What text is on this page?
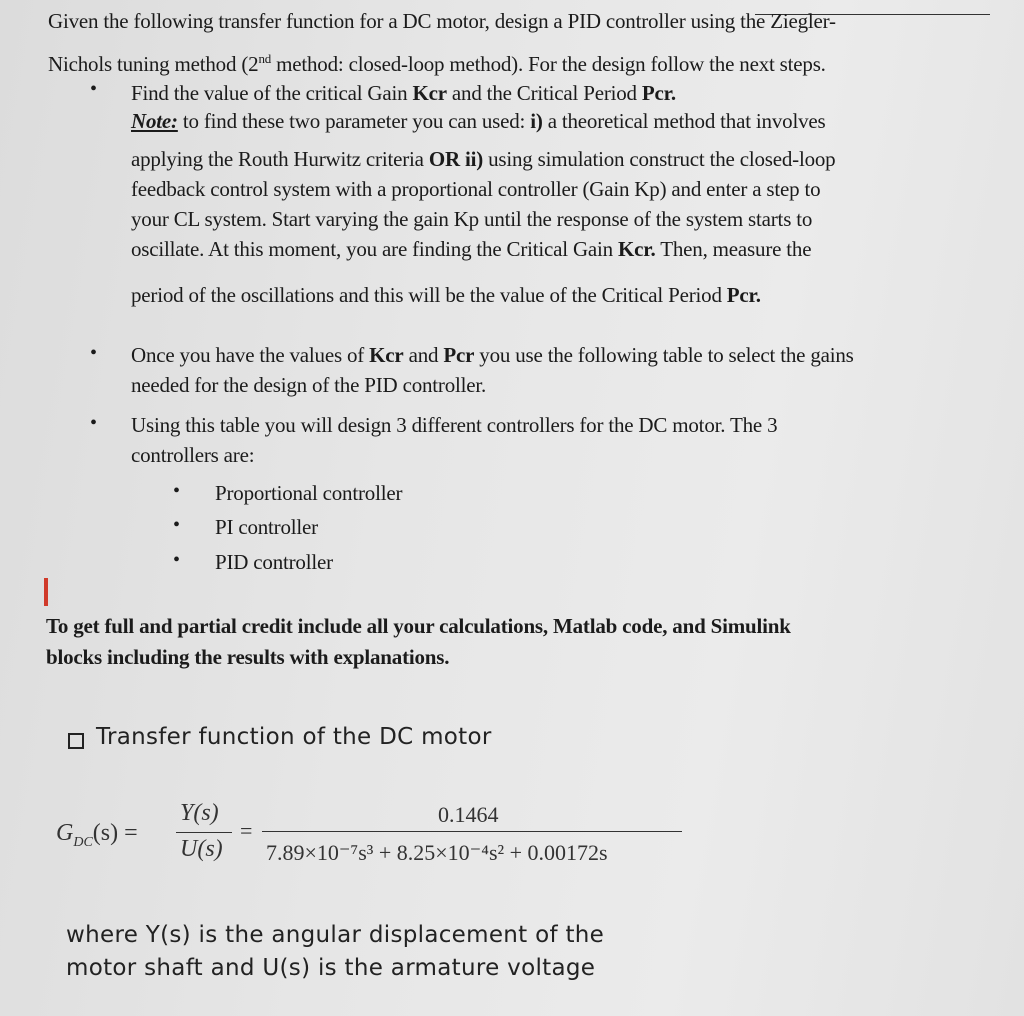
Given the following transfer function for a DC motor, design a PID controller using the Ziegler-
Nichols tuning method (2nd method: closed-loop method). For the design follow the next steps.
• Find the value of the critical Gain Kcr and the Critical Period Pcr.
Note: to find these two parameter you can used: i) a theoretical method that involves
applying the Routh Hurwitz criteria OR ii) using simulation construct the closed-loop
feedback control system with a proportional controller (Gain Kp) and enter a step to
your CL system. Start varying the gain Kp until the response of the system starts to
oscillate. At this moment, you are finding the Critical Gain Kcr. Then, measure the
period of the oscillations and this will be the value of the Critical Period Pcr.
• Once you have the values of Kcr and Pcr you use the following table to select the gains
needed for the design of the PID controller.
• Using this table you will design 3 different controllers for the DC motor. The 3
controllers are:
• Proportional controller
• PI controller
• PID controller
To get full and partial credit include all your calculations, Matlab code, and Simulink
blocks including the results with explanations.
Transfer function of the DC motor
$G_{DC}(s)$ =
Y(s)
U(s)
=
0.1464
7.89×10⁻⁷s³ + 8.25×10⁻⁴s² + 0.00172s
where Y(s) is the angular displacement of the
motor shaft and U(s) is the armature voltage
